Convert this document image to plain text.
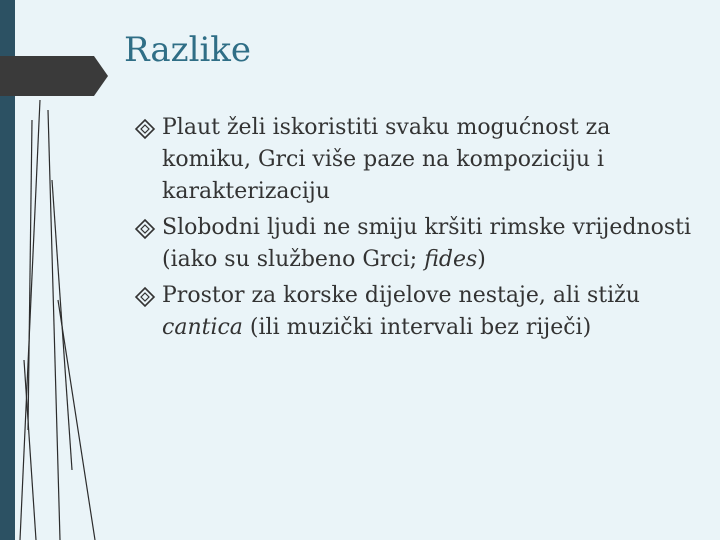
Razlike
Plaut želi iskoristiti svaku mogućnost za komiku, Grci više paze na kompoziciju i karakterizaciju
Slobodni ljudi ne smiju kršiti rimske vrijednosti (iako su službeno Grci; fides)
Prostor za korske dijelove nestaje, ali stižu cantica (ili muzički intervali bez riječi)
